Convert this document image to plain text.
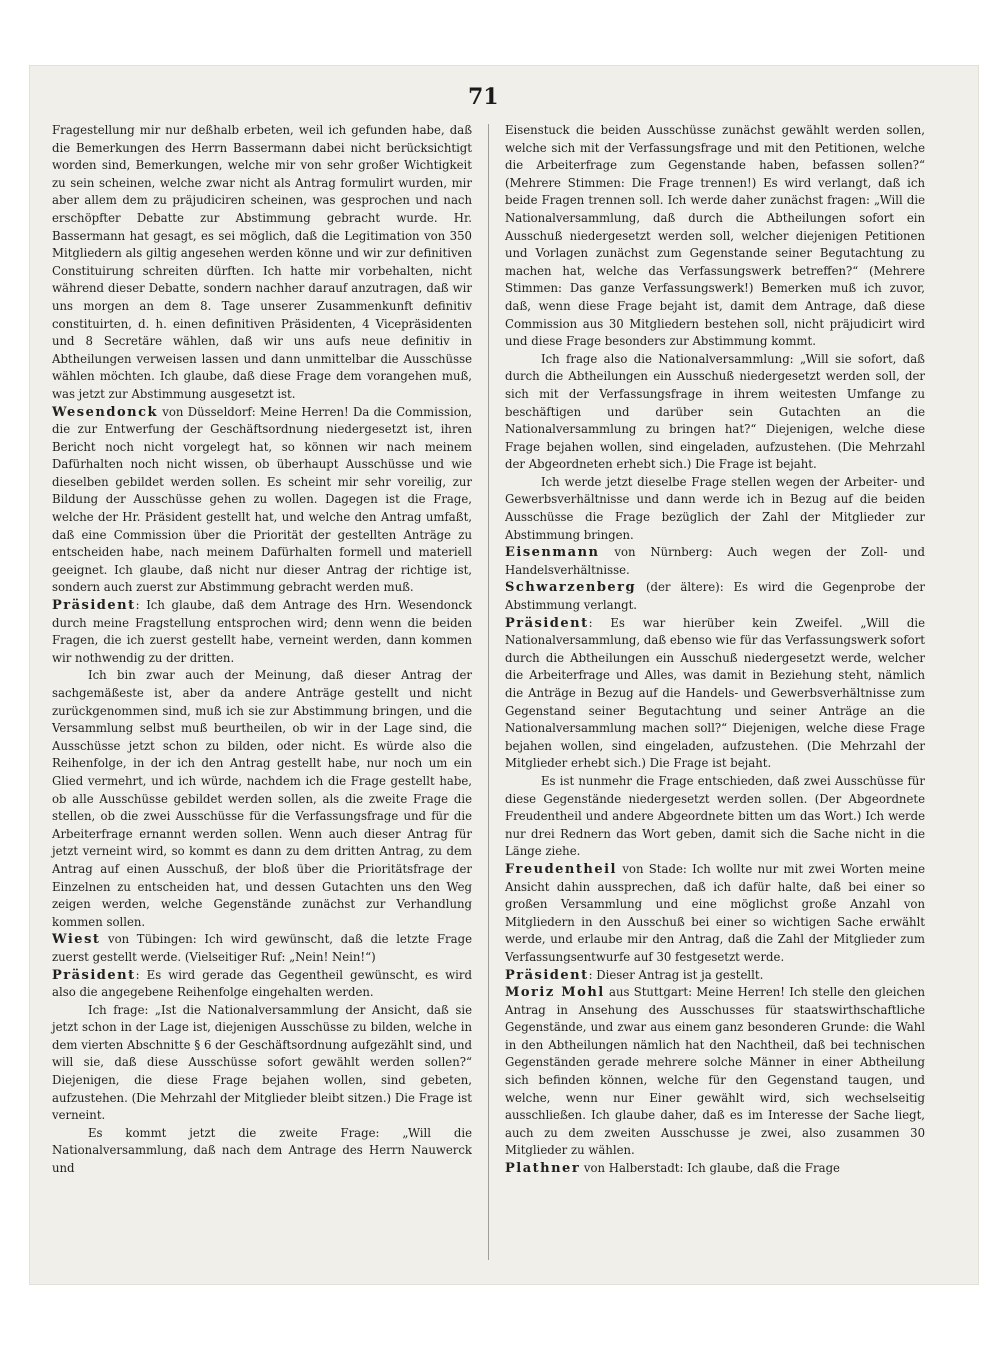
71

Fragestellung mir nur deßhalb erbeten, weil ich gefunden habe, daß die Bemerkungen des Herrn Bassermann dabei nicht berücksichtigt worden sind, Bemerkungen, welche mir von sehr großer Wichtigkeit zu sein scheinen, welche zwar nicht als Antrag formulirt wurden, mir aber allem dem zu präjudiciren scheinen, was gesprochen und nach erschöpfter Debatte zur Abstimmung gebracht wurde. Hr. Bassermann hat gesagt, es sei möglich, daß die Legitimation von 350 Mitgliedern als giltig angesehen werden könne und wir zur definitiven Constituirung schreiten dürften. Ich hatte mir vorbehalten, nicht während dieser Debatte, sondern nachher darauf anzutragen, daß wir uns morgen an dem 8. Tage unserer Zusammenkunft definitiv constituirten, d. h. einen definitiven Präsidenten, 4 Vicepräsidenten und 8 Secretäre wählen, daß wir uns aufs neue definitiv in Abtheilungen verweisen lassen und dann unmittelbar die Ausschüsse wählen möchten. Ich glaube, daß diese Frage dem vorangehen muß, was jetzt zur Abstimmung ausgesetzt ist.

Wesendonck von Düsseldorf: Meine Herren! Da die Commission, die zur Entwerfung der Geschäftsordnung niedergesetzt ist, ihren Bericht noch nicht vorgelegt hat, so können wir nach meinem Dafürhalten noch nicht wissen, ob überhaupt Ausschüsse und wie dieselben gebildet werden sollen. Es scheint mir sehr voreilig, zur Bildung der Ausschüsse gehen zu wollen. Dagegen ist die Frage, welche der Hr. Präsident gestellt hat, und welche den Antrag umfaßt, daß eine Commission über die Priorität der gestellten Anträge zu entscheiden habe, nach meinem Dafürhalten formell und materiell geeignet. Ich glaube, daß nicht nur dieser Antrag der richtige ist, sondern auch zuerst zur Abstimmung gebracht werden muß.

Präsident: Ich glaube, daß dem Antrage des Hrn. Wesendonck durch meine Fragstellung entsprochen wird; denn wenn die beiden Fragen, die ich zuerst gestellt habe, verneint werden, dann kommen wir nothwendig zu der dritten.

Ich bin zwar auch der Meinung, daß dieser Antrag der sachgemäßeste ist, aber da andere Anträge gestellt und nicht zurückgenommen sind, muß ich sie zur Abstimmung bringen, und die Versammlung selbst muß beurtheilen, ob wir in der Lage sind, die Ausschüsse jetzt schon zu bilden, oder nicht. Es würde also die Reihenfolge, in der ich den Antrag gestellt habe, nur noch um ein Glied vermehrt, und ich würde, nachdem ich die Frage gestellt habe, ob alle Ausschüsse gebildet werden sollen, als die zweite Frage die stellen, ob die zwei Ausschüsse für die Verfassungsfrage und für die Arbeiterfrage ernannt werden sollen. Wenn auch dieser Antrag für jetzt verneint wird, so kommt es dann zu dem dritten Antrag, zu dem Antrag auf einen Ausschuß, der bloß über die Prioritätsfrage der Einzelnen zu entscheiden hat, und dessen Gutachten uns den Weg zeigen werden, welche Gegenstände zunächst zur Verhandlung kommen sollen.

Wiest von Tübingen: Ich wird gewünscht, daß die letzte Frage zuerst gestellt werde. (Vielseitiger Ruf: „Nein! Nein!“)

Präsident: Es wird gerade das Gegentheil gewünscht, es wird also die angegebene Reihenfolge eingehalten werden.

Ich frage: „Ist die Nationalversammlung der Ansicht, daß sie jetzt schon in der Lage ist, diejenigen Ausschüsse zu bilden, welche in dem vierten Abschnitte § 6 der Geschäftsordnung aufgezählt sind, und will sie, daß diese Ausschüsse sofort gewählt werden sollen?“ Diejenigen, die diese Frage bejahen wollen, sind gebeten, aufzustehen. (Die Mehrzahl der Mitglieder bleibt sitzen.) Die Frage ist verneint.

Es kommt jetzt die zweite Frage: „Will die Nationalversammlung, daß nach dem Antrage des Herrn Nauwerck und

Eisenstuck die beiden Ausschüsse zunächst gewählt werden sollen, welche sich mit der Verfassungsfrage und mit den Petitionen, welche die Arbeiterfrage zum Gegenstande haben, befassen sollen?“ (Mehrere Stimmen: Die Frage trennen!) Es wird verlangt, daß ich beide Fragen trennen soll. Ich werde daher zunächst fragen: „Will die Nationalversammlung, daß durch die Abtheilungen sofort ein Ausschuß niedergesetzt werden soll, welcher diejenigen Petitionen und Vorlagen zunächst zum Gegenstande seiner Begutachtung zu machen hat, welche das Verfassungswerk betreffen?“ (Mehrere Stimmen: Das ganze Verfassungswerk!) Bemerken muß ich zuvor, daß, wenn diese Frage bejaht ist, damit dem Antrage, daß diese Commission aus 30 Mitgliedern bestehen soll, nicht präjudicirt wird und diese Frage besonders zur Abstimmung kommt.

Ich frage also die Nationalversammlung: „Will sie sofort, daß durch die Abtheilungen ein Ausschuß niedergesetzt werden soll, der sich mit der Verfassungsfrage in ihrem weitesten Umfange zu beschäftigen und darüber sein Gutachten an die Nationalversammlung zu bringen hat?“ Diejenigen, welche diese Frage bejahen wollen, sind eingeladen, aufzustehen. (Die Mehrzahl der Abgeordneten erhebt sich.) Die Frage ist bejaht.

Ich werde jetzt dieselbe Frage stellen wegen der Arbeiter- und Gewerbsverhältnisse und dann werde ich in Bezug auf die beiden Ausschüsse die Frage bezüglich der Zahl der Mitglieder zur Abstimmung bringen.

Eisenmann von Nürnberg: Auch wegen der Zoll- und Handelsverhältnisse.

Schwarzenberg (der ältere): Es wird die Gegenprobe der Abstimmung verlangt.

Präsident: Es war hierüber kein Zweifel. „Will die Nationalversammlung, daß ebenso wie für das Verfassungswerk sofort durch die Abtheilungen ein Ausschuß niedergesetzt werde, welcher die Arbeiterfrage und Alles, was damit in Beziehung steht, nämlich die Anträge in Bezug auf die Handels- und Gewerbsverhältnisse zum Gegenstand seiner Begutachtung und seiner Anträge an die Nationalversammlung machen soll?“ Diejenigen, welche diese Frage bejahen wollen, sind eingeladen, aufzustehen. (Die Mehrzahl der Mitglieder erhebt sich.) Die Frage ist bejaht.

Es ist nunmehr die Frage entschieden, daß zwei Ausschüsse für diese Gegenstände niedergesetzt werden sollen. (Der Abgeordnete Freudentheil und andere Abgeordnete bitten um das Wort.) Ich werde nur drei Rednern das Wort geben, damit sich die Sache nicht in die Länge ziehe.

Freudentheil von Stade: Ich wollte nur mit zwei Worten meine Ansicht dahin aussprechen, daß ich dafür halte, daß bei einer so großen Versammlung und eine möglichst große Anzahl von Mitgliedern in den Ausschuß bei einer so wichtigen Sache erwählt werde, und erlaube mir den Antrag, daß die Zahl der Mitglieder zum Verfassungsentwurfe auf 30 festgesetzt werde.

Präsident: Dieser Antrag ist ja gestellt.

Moriz Mohl aus Stuttgart: Meine Herren! Ich stelle den gleichen Antrag in Ansehung des Ausschusses für staatswirthschaftliche Gegenstände, und zwar aus einem ganz besonderen Grunde: die Wahl in den Abtheilungen nämlich hat den Nachtheil, daß bei technischen Gegenständen gerade mehrere solche Männer in einer Abtheilung sich befinden können, welche für den Gegenstand taugen, und welche, wenn nur Einer gewählt wird, sich wechselseitig ausschließen. Ich glaube daher, daß es im Interesse der Sache liegt, auch zu dem zweiten Ausschusse je zwei, also zusammen 30 Mitglieder zu wählen.

Plathner von Halberstadt: Ich glaube, daß die Frage
